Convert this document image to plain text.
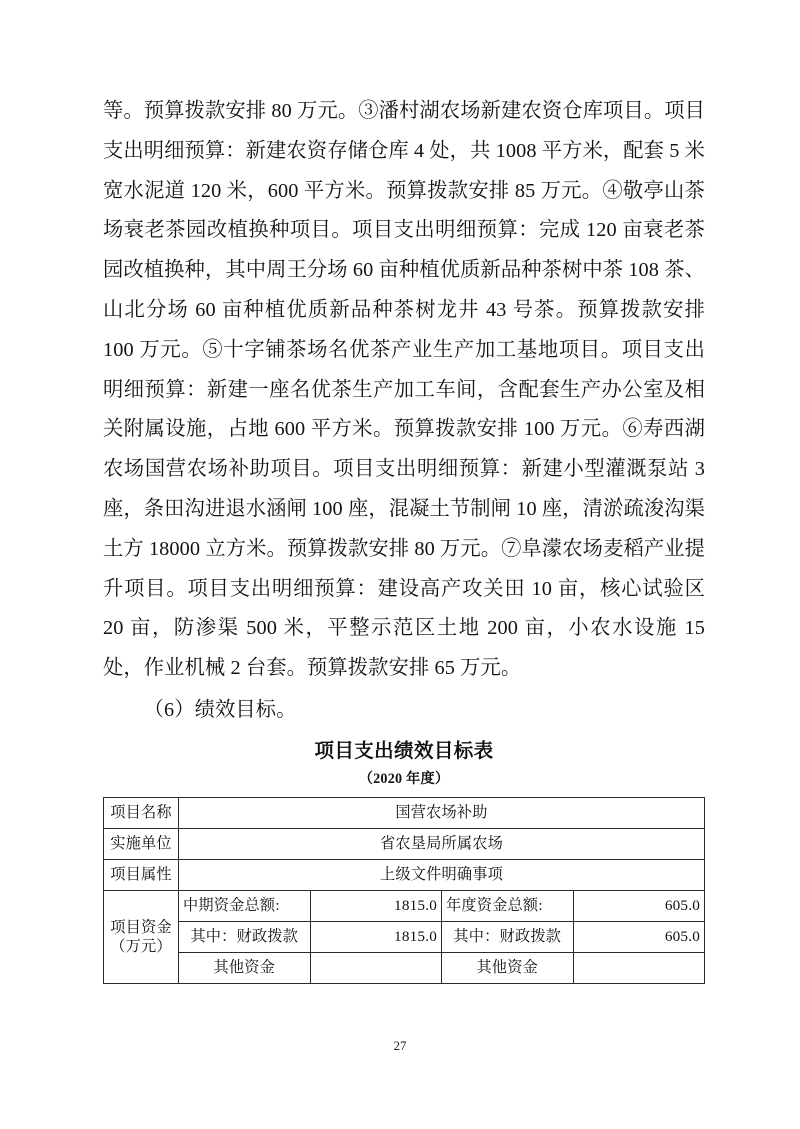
等。预算拨款安排 80 万元。③潘村湖农场新建农资仓库项目。项目支出明细预算：新建农资存储仓库 4 处，共 1008 平方米，配套 5 米宽水泥道 120 米，600 平方米。预算拨款安排 85 万元。④敬亭山茶场衰老茶园改植换种项目。项目支出明细预算：完成 120 亩衰老茶园改植换种，其中周王分场 60 亩种植优质新品种茶树中茶 108 茶、山北分场 60 亩种植优质新品种茶树龙井 43 号茶。预算拨款安排 100 万元。⑤十字铺茶场名优茶产业生产加工基地项目。项目支出明细预算：新建一座名优茶生产加工车间，含配套生产办公室及相关附属设施，占地 600 平方米。预算拨款安排 100 万元。⑥寿西湖农场国营农场补助项目。项目支出明细预算：新建小型灌溉泵站 3 座，条田沟进退水涵闸 100 座，混凝土节制闸 10 座，清淤疏浚沟渠土方 18000 立方米。预算拨款安排 80 万元。⑦阜濛农场麦稻产业提升项目。项目支出明细预算：建设高产攻关田 10 亩，核心试验区 20 亩，防渗渠 500 米，平整示范区土地 200 亩，小农水设施 15 处，作业机械 2 台套。预算拨款安排 65 万元。

（6）绩效目标。

项目支出绩效目标表
（2020 年度）
项目名称	国营农场补助			
实施单位	省农垦局所属农场			
项目属性	上级文件明确事项			
项目资金
（万元）	中期资金总额:	1815.0	年度资金总额:	605.0
	其中：财政拨款	1815.0	其中：财政拨款	605.0
	其他资金		其他资金	
27
